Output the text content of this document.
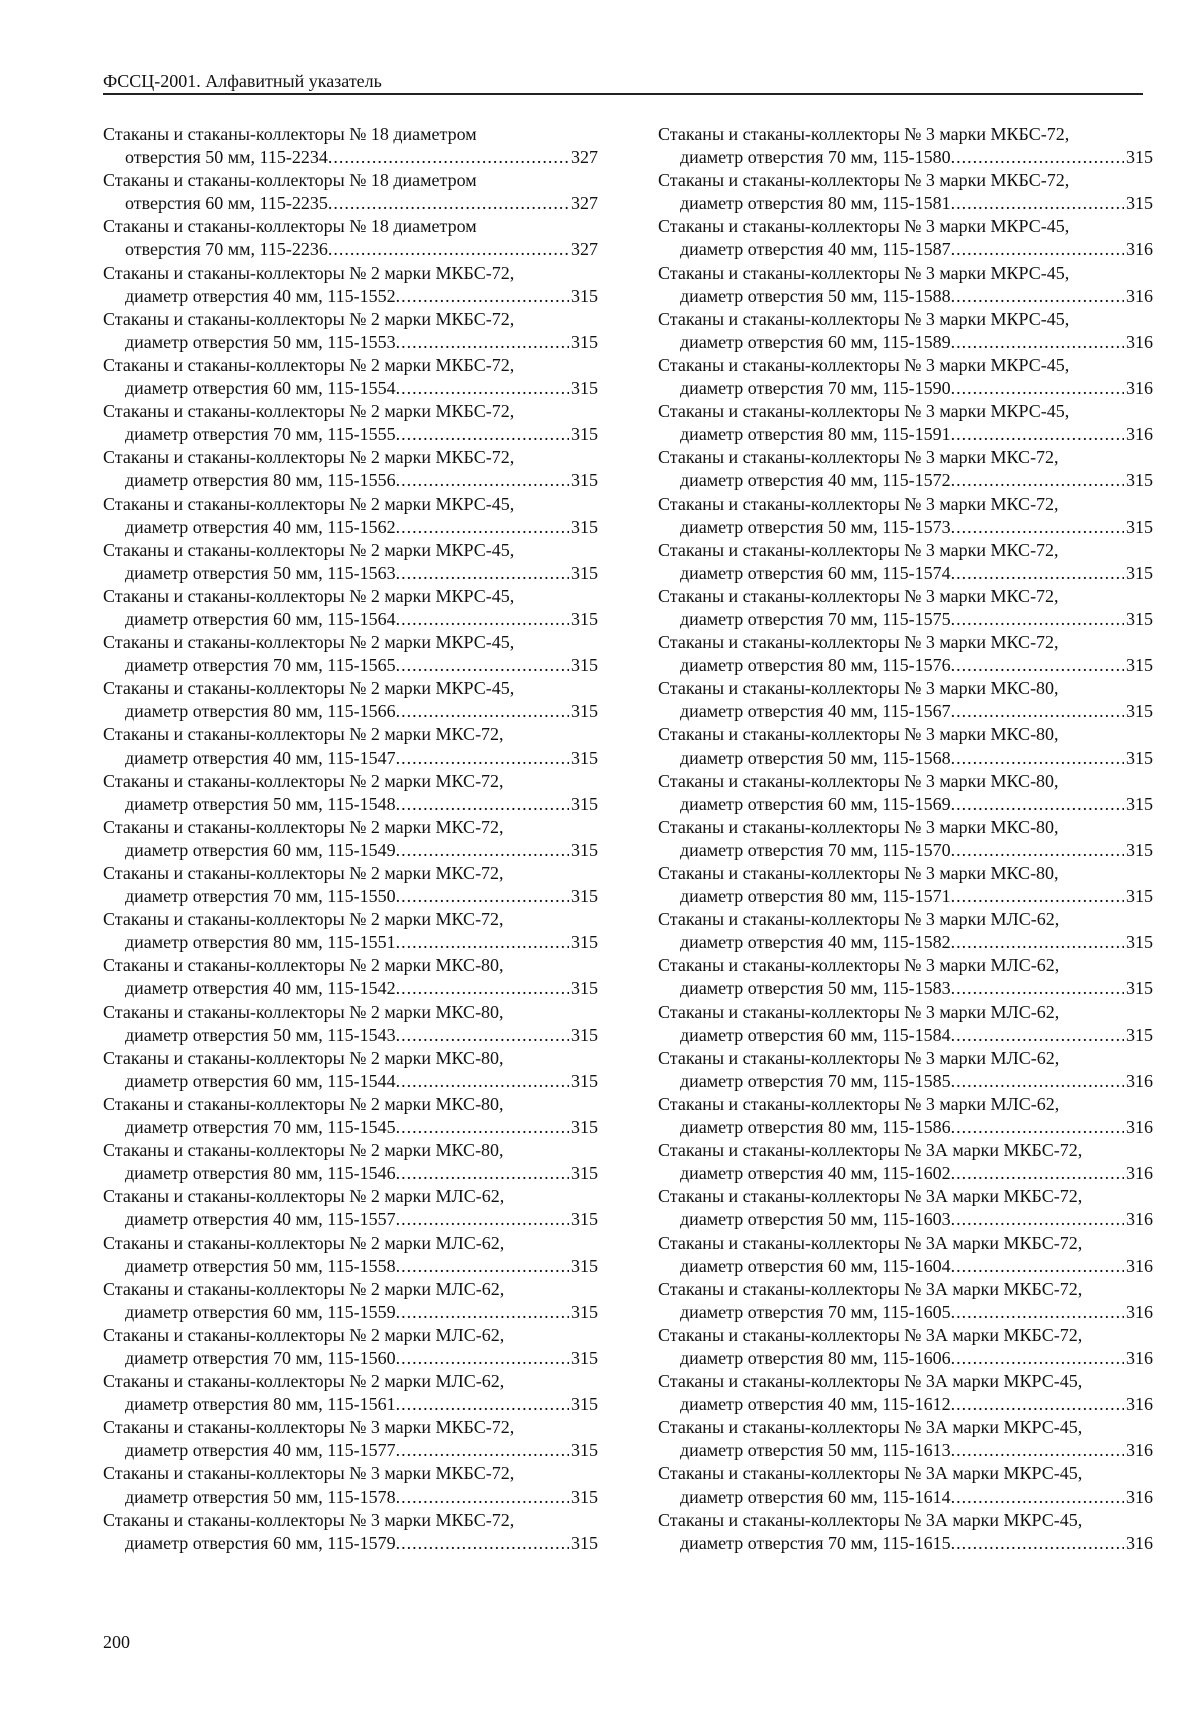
ФССЦ-2001. Алфавитный указатель
Стаканы и стаканы-коллекторы № 18 диаметром
отверстия 50 мм, 115-2234 .....	327
Стаканы и стаканы-коллекторы № 18 диаметром
отверстия 60 мм, 115-2235 .....	327
Стаканы и стаканы-коллекторы № 18 диаметром
отверстия 70 мм, 115-2236 .....	327
Стаканы и стаканы-коллекторы № 2 марки МКБС-72,
диаметр отверстия 40 мм, 115-1552 .....	315
Стаканы и стаканы-коллекторы № 2 марки МКБС-72,
диаметр отверстия 50 мм, 115-1553 .....	315
Стаканы и стаканы-коллекторы № 2 марки МКБС-72,
диаметр отверстия 60 мм, 115-1554 .....	315
Стаканы и стаканы-коллекторы № 2 марки МКБС-72,
диаметр отверстия 70 мм, 115-1555 .....	315
Стаканы и стаканы-коллекторы № 2 марки МКБС-72,
диаметр отверстия 80 мм, 115-1556 .....	315
Стаканы и стаканы-коллекторы № 2 марки МКРС-45,
диаметр отверстия 40 мм, 115-1562 .....	315
Стаканы и стаканы-коллекторы № 2 марки МКРС-45,
диаметр отверстия 50 мм, 115-1563 .....	315
Стаканы и стаканы-коллекторы № 2 марки МКРС-45,
диаметр отверстия 60 мм, 115-1564 .....	315
Стаканы и стаканы-коллекторы № 2 марки МКРС-45,
диаметр отверстия 70 мм, 115-1565 .....	315
Стаканы и стаканы-коллекторы № 2 марки МКРС-45,
диаметр отверстия 80 мм, 115-1566 .....	315
Стаканы и стаканы-коллекторы № 2 марки МКС-72,
диаметр отверстия 40 мм, 115-1547 .....	315
Стаканы и стаканы-коллекторы № 2 марки МКС-72,
диаметр отверстия 50 мм, 115-1548 .....	315
Стаканы и стаканы-коллекторы № 2 марки МКС-72,
диаметр отверстия 60 мм, 115-1549 .....	315
Стаканы и стаканы-коллекторы № 2 марки МКС-72,
диаметр отверстия 70 мм, 115-1550 .....	315
Стаканы и стаканы-коллекторы № 2 марки МКС-72,
диаметр отверстия 80 мм, 115-1551 .....	315
Стаканы и стаканы-коллекторы № 2 марки МКС-80,
диаметр отверстия 40 мм, 115-1542 .....	315
Стаканы и стаканы-коллекторы № 2 марки МКС-80,
диаметр отверстия 50 мм, 115-1543 .....	315
Стаканы и стаканы-коллекторы № 2 марки МКС-80,
диаметр отверстия 60 мм, 115-1544 .....	315
Стаканы и стаканы-коллекторы № 2 марки МКС-80,
диаметр отверстия 70 мм, 115-1545 .....	315
Стаканы и стаканы-коллекторы № 2 марки МКС-80,
диаметр отверстия 80 мм, 115-1546 .....	315
Стаканы и стаканы-коллекторы № 2 марки МЛС-62,
диаметр отверстия 40 мм, 115-1557 .....	315
Стаканы и стаканы-коллекторы № 2 марки МЛС-62,
диаметр отверстия 50 мм, 115-1558 .....	315
Стаканы и стаканы-коллекторы № 2 марки МЛС-62,
диаметр отверстия 60 мм, 115-1559 .....	315
Стаканы и стаканы-коллекторы № 2 марки МЛС-62,
диаметр отверстия 70 мм, 115-1560 .....	315
Стаканы и стаканы-коллекторы № 2 марки МЛС-62,
диаметр отверстия 80 мм, 115-1561 .....	315
Стаканы и стаканы-коллекторы № 3 марки МКБС-72,
диаметр отверстия 40 мм, 115-1577 .....	315
Стаканы и стаканы-коллекторы № 3 марки МКБС-72,
диаметр отверстия 50 мм, 115-1578 .....	315
Стаканы и стаканы-коллекторы № 3 марки МКБС-72,
диаметр отверстия 60 мм, 115-1579 .....	315
Стаканы и стаканы-коллекторы № 3 марки МКБС-72,
диаметр отверстия 70 мм, 115-1580 .....	315
Стаканы и стаканы-коллекторы № 3 марки МКБС-72,
диаметр отверстия 80 мм, 115-1581 .....	315
Стаканы и стаканы-коллекторы № 3 марки МКРС-45,
диаметр отверстия 40 мм, 115-1587 .....	316
Стаканы и стаканы-коллекторы № 3 марки МКРС-45,
диаметр отверстия 50 мм, 115-1588 .....	316
Стаканы и стаканы-коллекторы № 3 марки МКРС-45,
диаметр отверстия 60 мм, 115-1589 .....	316
Стаканы и стаканы-коллекторы № 3 марки МКРС-45,
диаметр отверстия 70 мм, 115-1590 .....	316
Стаканы и стаканы-коллекторы № 3 марки МКРС-45,
диаметр отверстия 80 мм, 115-1591 .....	316
Стаканы и стаканы-коллекторы № 3 марки МКС-72,
диаметр отверстия 40 мм, 115-1572 .....	315
Стаканы и стаканы-коллекторы № 3 марки МКС-72,
диаметр отверстия 50 мм, 115-1573 .....	315
Стаканы и стаканы-коллекторы № 3 марки МКС-72,
диаметр отверстия 60 мм, 115-1574 .....	315
Стаканы и стаканы-коллекторы № 3 марки МКС-72,
диаметр отверстия 70 мм, 115-1575 .....	315
Стаканы и стаканы-коллекторы № 3 марки МКС-72,
диаметр отверстия 80 мм, 115-1576 .....	315
Стаканы и стаканы-коллекторы № 3 марки МКС-80,
диаметр отверстия 40 мм, 115-1567 .....	315
Стаканы и стаканы-коллекторы № 3 марки МКС-80,
диаметр отверстия 50 мм, 115-1568 .....	315
Стаканы и стаканы-коллекторы № 3 марки МКС-80,
диаметр отверстия 60 мм, 115-1569 .....	315
Стаканы и стаканы-коллекторы № 3 марки МКС-80,
диаметр отверстия 70 мм, 115-1570 .....	315
Стаканы и стаканы-коллекторы № 3 марки МКС-80,
диаметр отверстия 80 мм, 115-1571 .....	315
Стаканы и стаканы-коллекторы № 3 марки МЛС-62,
диаметр отверстия 40 мм, 115-1582 .....	315
Стаканы и стаканы-коллекторы № 3 марки МЛС-62,
диаметр отверстия 50 мм, 115-1583 .....	315
Стаканы и стаканы-коллекторы № 3 марки МЛС-62,
диаметр отверстия 60 мм, 115-1584 .....	315
Стаканы и стаканы-коллекторы № 3 марки МЛС-62,
диаметр отверстия 70 мм, 115-1585 .....	316
Стаканы и стаканы-коллекторы № 3 марки МЛС-62,
диаметр отверстия 80 мм, 115-1586 .....	316
Стаканы и стаканы-коллекторы № 3А марки МКБС-72,
диаметр отверстия 40 мм, 115-1602 .....	316
Стаканы и стаканы-коллекторы № 3А марки МКБС-72,
диаметр отверстия 50 мм, 115-1603 .....	316
Стаканы и стаканы-коллекторы № 3А марки МКБС-72,
диаметр отверстия 60 мм, 115-1604 .....	316
Стаканы и стаканы-коллекторы № 3А марки МКБС-72,
диаметр отверстия 70 мм, 115-1605 .....	316
Стаканы и стаканы-коллекторы № 3А марки МКБС-72,
диаметр отверстия 80 мм, 115-1606 .....	316
Стаканы и стаканы-коллекторы № 3А марки МКРС-45,
диаметр отверстия 40 мм, 115-1612 .....	316
Стаканы и стаканы-коллекторы № 3А марки МКРС-45,
диаметр отверстия 50 мм, 115-1613 .....	316
Стаканы и стаканы-коллекторы № 3А марки МКРС-45,
диаметр отверстия 60 мм, 115-1614 .....	316
Стаканы и стаканы-коллекторы № 3А марки МКРС-45,
диаметр отверстия 70 мм, 115-1615 .....	316
200
